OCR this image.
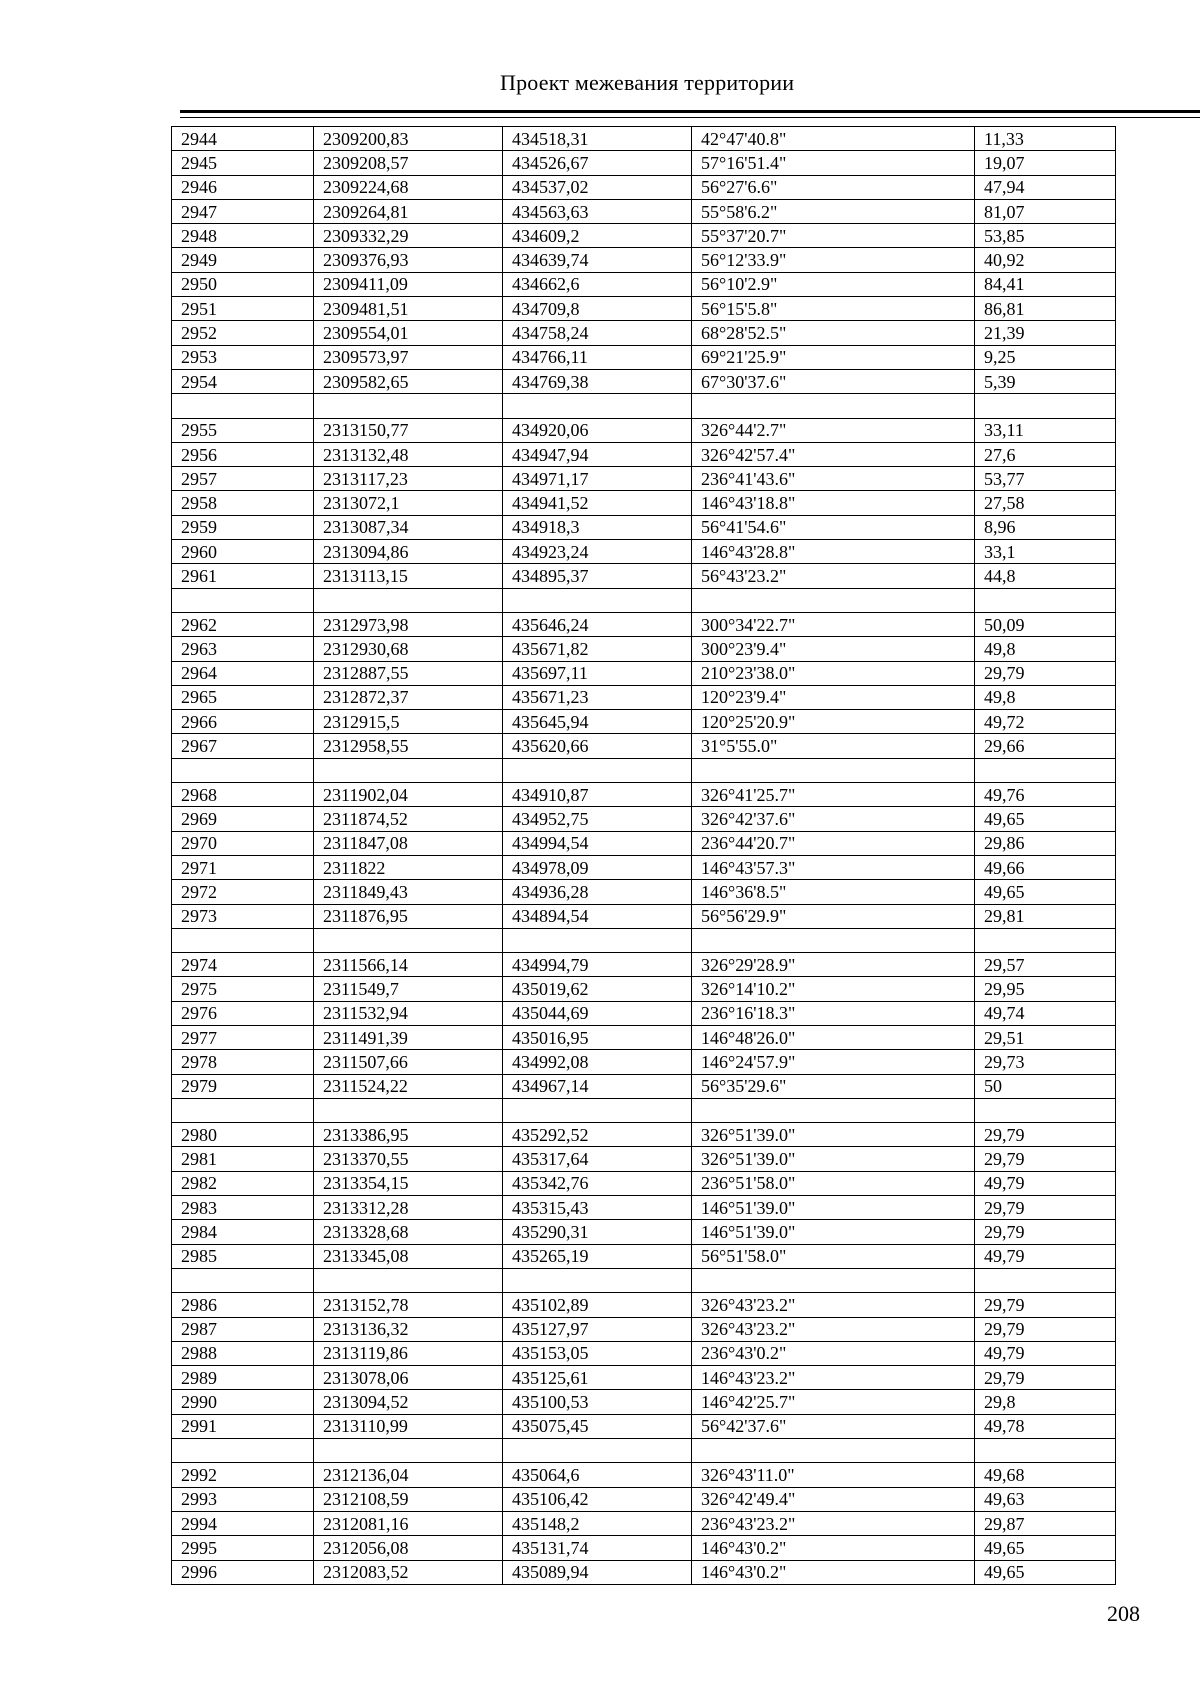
Проект межевания территории
2944	2309200,83	434518,31	42°47'40.8"	11,33
2945	2309208,57	434526,67	57°16'51.4"	19,07
2946	2309224,68	434537,02	56°27'6.6"	47,94
2947	2309264,81	434563,63	55°58'6.2"	81,07
2948	2309332,29	434609,2	55°37'20.7"	53,85
2949	2309376,93	434639,74	56°12'33.9"	40,92
2950	2309411,09	434662,6	56°10'2.9"	84,41
2951	2309481,51	434709,8	56°15'5.8"	86,81
2952	2309554,01	434758,24	68°28'52.5"	21,39
2953	2309573,97	434766,11	69°21'25.9"	9,25
2954	2309582,65	434769,38	67°30'37.6"	5,39

2955	2313150,77	434920,06	326°44'2.7"	33,11
2956	2313132,48	434947,94	326°42'57.4"	27,6
2957	2313117,23	434971,17	236°41'43.6"	53,77
2958	2313072,1	434941,52	146°43'18.8"	27,58
2959	2313087,34	434918,3	56°41'54.6"	8,96
2960	2313094,86	434923,24	146°43'28.8"	33,1
2961	2313113,15	434895,37	56°43'23.2"	44,8

2962	2312973,98	435646,24	300°34'22.7"	50,09
2963	2312930,68	435671,82	300°23'9.4"	49,8
2964	2312887,55	435697,11	210°23'38.0"	29,79
2965	2312872,37	435671,23	120°23'9.4"	49,8
2966	2312915,5	435645,94	120°25'20.9"	49,72
2967	2312958,55	435620,66	31°5'55.0"	29,66

2968	2311902,04	434910,87	326°41'25.7"	49,76
2969	2311874,52	434952,75	326°42'37.6"	49,65
2970	2311847,08	434994,54	236°44'20.7"	29,86
2971	2311822	434978,09	146°43'57.3"	49,66
2972	2311849,43	434936,28	146°36'8.5"	49,65
2973	2311876,95	434894,54	56°56'29.9"	29,81

2974	2311566,14	434994,79	326°29'28.9"	29,57
2975	2311549,7	435019,62	326°14'10.2"	29,95
2976	2311532,94	435044,69	236°16'18.3"	49,74
2977	2311491,39	435016,95	146°48'26.0"	29,51
2978	2311507,66	434992,08	146°24'57.9"	29,73
2979	2311524,22	434967,14	56°35'29.6"	50

2980	2313386,95	435292,52	326°51'39.0"	29,79
2981	2313370,55	435317,64	326°51'39.0"	29,79
2982	2313354,15	435342,76	236°51'58.0"	49,79
2983	2313312,28	435315,43	146°51'39.0"	29,79
2984	2313328,68	435290,31	146°51'39.0"	29,79
2985	2313345,08	435265,19	56°51'58.0"	49,79

2986	2313152,78	435102,89	326°43'23.2"	29,79
2987	2313136,32	435127,97	326°43'23.2"	29,79
2988	2313119,86	435153,05	236°43'0.2"	49,79
2989	2313078,06	435125,61	146°43'23.2"	29,79
2990	2313094,52	435100,53	146°42'25.7"	29,8
2991	2313110,99	435075,45	56°42'37.6"	49,78

2992	2312136,04	435064,6	326°43'11.0"	49,68
2993	2312108,59	435106,42	326°42'49.4"	49,63
2994	2312081,16	435148,2	236°43'23.2"	29,87
2995	2312056,08	435131,74	146°43'0.2"	49,65
2996	2312083,52	435089,94	146°43'0.2"	49,65
208
